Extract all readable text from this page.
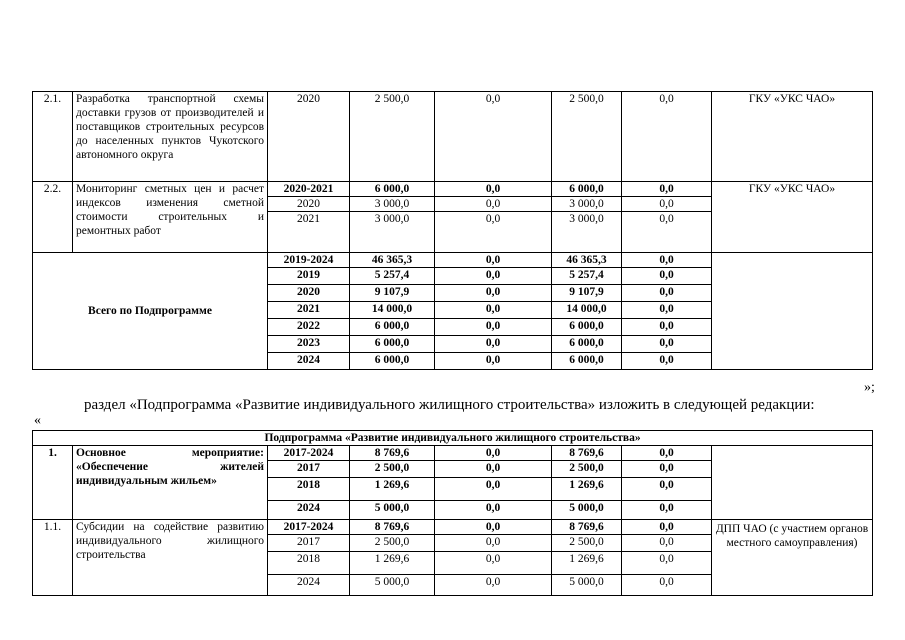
2.1.	Разработка транспортной схемы доставки грузов от производителей и поставщиков строительных ресурсов до населенных пунктов Чукотского автономного округа	2020	2 500,0	0,0	2 500,0	0,0	ГКУ «УКС ЧАО»
2.2.	Мониторинг сметных цен и расчет индексов изменения сметной стоимости строительных и ремонтных работ	2020-2021	6 000,0	0,0	6 000,0	0,0	ГКУ «УКС ЧАО»
		2020	3 000,0	0,0	3 000,0	0,0	
		2021	3 000,0	0,0	3 000,0	0,0	
Всего по Подпрограмме		2019-2024	46 365,3	0,0	46 365,3	0,0	
		2019	5 257,4	0,0	5 257,4	0,0	
		2020	9 107,9	0,0	9 107,9	0,0	
		2021	14 000,0	0,0	14 000,0	0,0	
		2022	6 000,0	0,0	6 000,0	0,0	
		2023	6 000,0	0,0	6 000,0	0,0	
		2024	6 000,0	0,0	6 000,0	0,0	
»;
раздел «Подпрограмма «Развитие индивидуального жилищного строительства» изложить в следующей редакции:
«
Подпрограмма «Развитие индивидуального жилищного строительства»							
1.	Основное мероприятие: «Обеспечение жителей индивидуальным жильем»	2017-2024	8 769,6	0,0	8 769,6	0,0	
		2017	2 500,0	0,0	2 500,0	0,0	
		2018	1 269,6	0,0	1 269,6	0,0	
		2024	5 000,0	0,0	5 000,0	0,0	
1.1.	Субсидии на содействие развитию индивидуального жилищного строительства	2017-2024	8 769,6	0,0	8 769,6	0,0	ДПП ЧАО (с участием органов местного самоуправления)
		2017	2 500,0	0,0	2 500,0	0,0	
		2018	1 269,6	0,0	1 269,6	0,0	
		2024	5 000,0	0,0	5 000,0	0,0	
